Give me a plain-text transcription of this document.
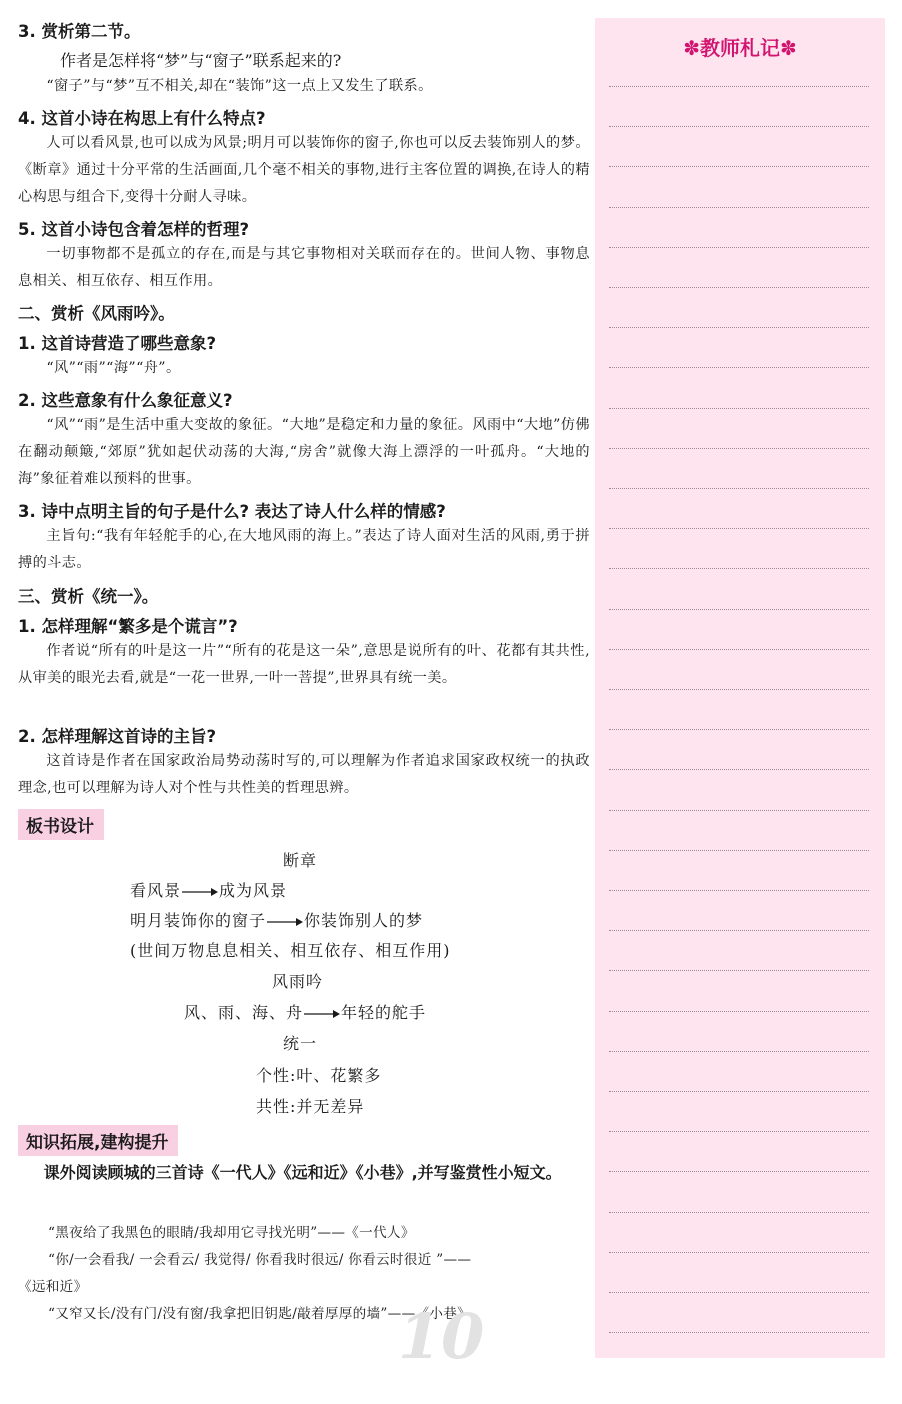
3. 赏析第二节。
作者是怎样将“梦”与“窗子”联系起来的?
“窗子”与“梦”互不相关,却在“装饰”这一点上又发生了联系。
4. 这首小诗在构思上有什么特点?
人可以看风景,也可以成为风景;明月可以装饰你的窗子,你也可以反去装饰别人的梦。《断章》通过十分平常的生活画面,几个毫不相关的事物,进行主客位置的调换,在诗人的精心构思与组合下,变得十分耐人寻味。
5. 这首小诗包含着怎样的哲理?
一切事物都不是孤立的存在,而是与其它事物相对关联而存在的。世间人物、事物息息相关、相互依存、相互作用。
二、赏析《风雨吟》。
1. 这首诗营造了哪些意象?
“风”“雨”“海”“舟”。
2. 这些意象有什么象征意义?
“风”“雨”是生活中重大变故的象征。“大地”是稳定和力量的象征。风雨中“大地”仿佛在翻动颠簸,“郊原”犹如起伏动荡的大海,“房舍”就像大海上漂浮的一叶孤舟。“大地的海”象征着难以预料的世事。
3. 诗中点明主旨的句子是什么? 表达了诗人什么样的情感?
主旨句:“我有年轻舵手的心,在大地风雨的海上。”表达了诗人面对生活的风雨,勇于拼搏的斗志。
三、赏析《统一》。
1. 怎样理解“繁多是个谎言”?
作者说“所有的叶是这一片”“所有的花是这一朵”,意思是说所有的叶、花都有其共性,从审美的眼光去看,就是“一花一世界,一叶一菩提”,世界具有统一美。
2. 怎样理解这首诗的主旨?
这首诗是作者在国家政治局势动荡时写的,可以理解为作者追求国家政权统一的执政理念,也可以理解为诗人对个性与共性美的哲理思辨。
板书设计
断章
看风景 成为风景
明月装饰你的窗子 你装饰别人的梦
(世间万物息息相关、相互依存、相互作用)
风雨吟
风、雨、海、舟 年轻的舵手
统一
个性:叶、花繁多
共性:并无差异
知识拓展,建构提升
课外阅读顾城的三首诗《一代人》《远和近》《小巷》,并写鉴赏性小短文。
“黑夜给了我黑色的眼睛/我却用它寻找光明”——《一代人》
“你/一会看我/ 一会看云/ 我觉得/ 你看我时很远/ 你看云时很近 ”——
《远和近》
“又窄又长/没有门/没有窗/我拿把旧钥匙/敲着厚厚的墙”——《小巷》
10
✽教师札记✽
